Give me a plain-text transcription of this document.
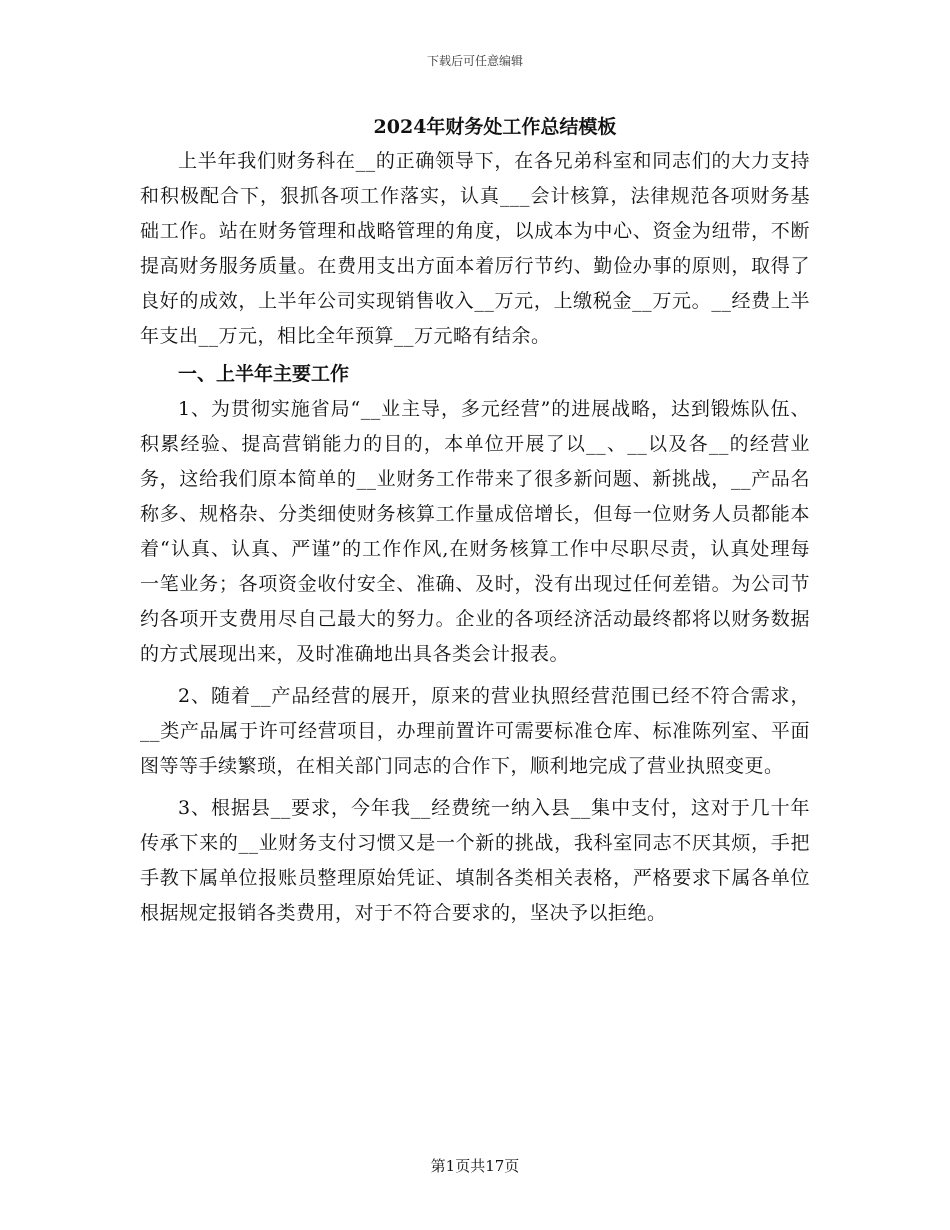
下载后可任意编辑
2024年财务处工作总结模板

上半年我们财务科在__的正确领导下，在各兄弟科室和同志们的大力支持和积极配合下，狠抓各项工作落实，认真___会计核算，法律规范各项财务基础工作。站在财务管理和战略管理的角度，以成本为中心、资金为纽带，不断提高财务服务质量。在费用支出方面本着厉行节约、勤俭办事的原则，取得了良好的成效，上半年公司实现销售收入__万元，上缴税金__万元。__经费上半年支出__万元，相比全年预算__万元略有结余。

一、上半年主要工作

1、为贯彻实施省局“__业主导，多元经营”的进展战略，达到锻炼队伍、积累经验、提高营销能力的目的，本单位开展了以__、__以及各__的经营业务，这给我们原本简单的__业财务工作带来了很多新问题、新挑战，__产品名称多、规格杂、分类细使财务核算工作量成倍增长，但每一位财务人员都能本着“认真、认真、严谨”的工作作风,在财务核算工作中尽职尽责，认真处理每一笔业务；各项资金收付安全、准确、及时，没有出现过任何差错。为公司节约各项开支费用尽自己最大的努力。企业的各项经济活动最终都将以财务数据的方式展现出来，及时准确地出具各类会计报表。

2、随着__产品经营的展开，原来的营业执照经营范围已经不符合需求，__类产品属于许可经营项目，办理前置许可需要标准仓库、标准陈列室、平面图等等手续繁琐，在相关部门同志的合作下，顺利地完成了营业执照变更。

3、根据县__要求，今年我__经费统一纳入县__集中支付，这对于几十年传承下来的__业财务支付习惯又是一个新的挑战，我科室同志不厌其烦，手把手教下属单位报账员整理原始凭证、填制各类相关表格，严格要求下属各单位根据规定报销各类费用，对于不符合要求的，坚决予以拒绝。

第1页共17页
